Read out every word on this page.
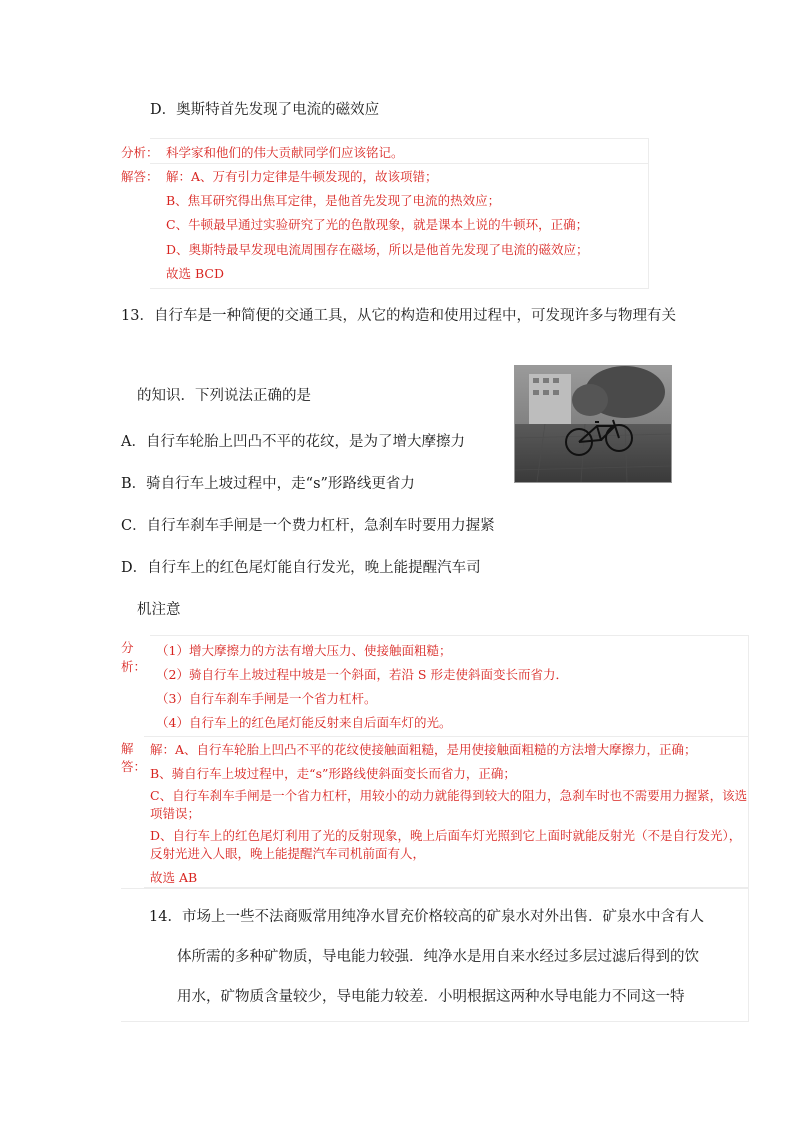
D．奥斯特首先发现了电流的磁效应
分析： 科学家和他们的伟大贡献同学们应该铭记。
解答： 解：A、万有引力定律是牛顿发现的，故该项错；
B、焦耳研究得出焦耳定律，是他首先发现了电流的热效应；
C、牛顿最早通过实验研究了光的色散现象，就是课本上说的牛顿环，正确；
D、奥斯特最早发现电流周围存在磁场，所以是他首先发现了电流的磁效应；
故选 BCD
13．自行车是一种简便的交通工具，从它的构造和使用过程中，可发现许多与物理有关
的知识．下列说法正确的是
A．自行车轮胎上凹凸不平的花纹，是为了增大摩擦力
B．骑自行车上坡过程中，走“s”形路线更省力
C．自行车刹车手闸是一个费力杠杆，急刹车时要用力握紧
D．自行车上的红色尾灯能自行发光，晚上能提醒汽车司
机注意
分
析：
（1）增大摩擦力的方法有增大压力、使接触面粗糙；
（2）骑自行车上坡过程中坡是一个斜面，若沿 S 形走使斜面变长而省力．
（3）自行车刹车手闸是一个省力杠杆。
（4）自行车上的红色尾灯能反射来自后面车灯的光。
解
答：
解：A、自行车轮胎上凹凸不平的花纹使接触面粗糙，是用使接触面粗糙的方法增大摩擦力，正确；
B、骑自行车上坡过程中，走“s”形路线使斜面变长而省力，正确；
C、自行车刹车手闸是一个省力杠杆，用较小的动力就能得到较大的阻力，急刹车时也不需要用力握紧，该选项错误；
D、自行车上的红色尾灯利用了光的反射现象，晚上后面车灯光照到它上面时就能反射光（不是自行发光），反射光进入人眼，晚上能提醒汽车司机前面有人，
故选 AB
14．市场上一些不法商贩常用纯净水冒充价格较高的矿泉水对外出售．矿泉水中含有人
体所需的多种矿物质，导电能力较强．纯净水是用自来水经过多层过滤后得到的饮
用水，矿物质含量较少，导电能力较差．小明根据这两种水导电能力不同这一特
